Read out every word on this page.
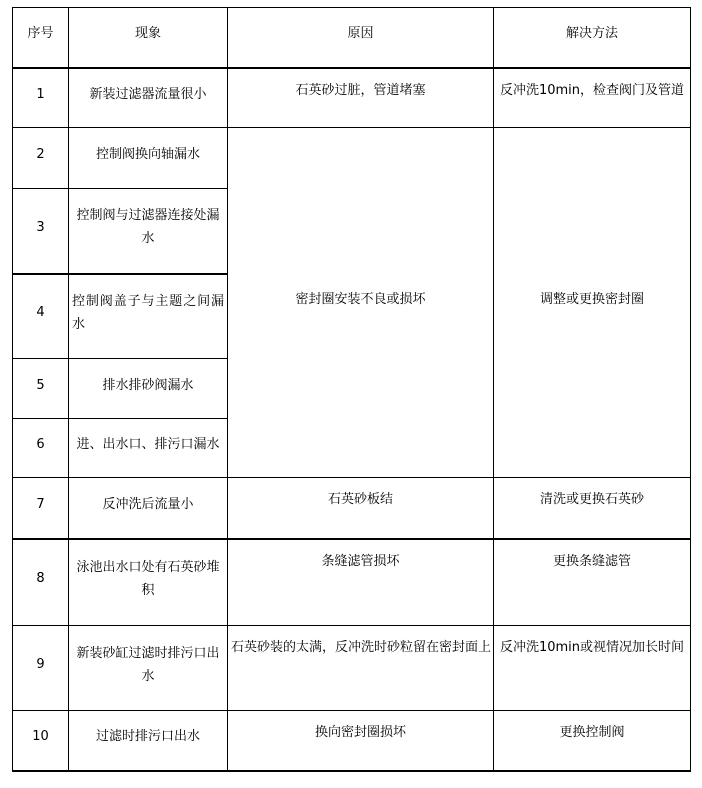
序号	现象	原因	解决方法
1	新装过滤器流量很小	石英砂过脏，管道堵塞	反冲洗10min，检查阀门及管道
2	控制阀换向轴漏水	密封圈安装不良或损坏	调整或更换密封圈
3	控制阀与过滤器连接处漏水		
4	控制阀盖子与主题之间漏水		
5	排水排砂阀漏水		
6	进、出水口、排污口漏水		
7	反冲洗后流量小	石英砂板结	清洗或更换石英砂
8	泳池出水口处有石英砂堆积	条缝滤管损坏	更换条缝滤管
9	新装砂缸过滤时排污口出水	石英砂装的太满，反冲洗时砂粒留在密封面上	反冲洗10min或视情况加长时间
10	过滤时排污口出水	换向密封圈损坏	更换控制阀
